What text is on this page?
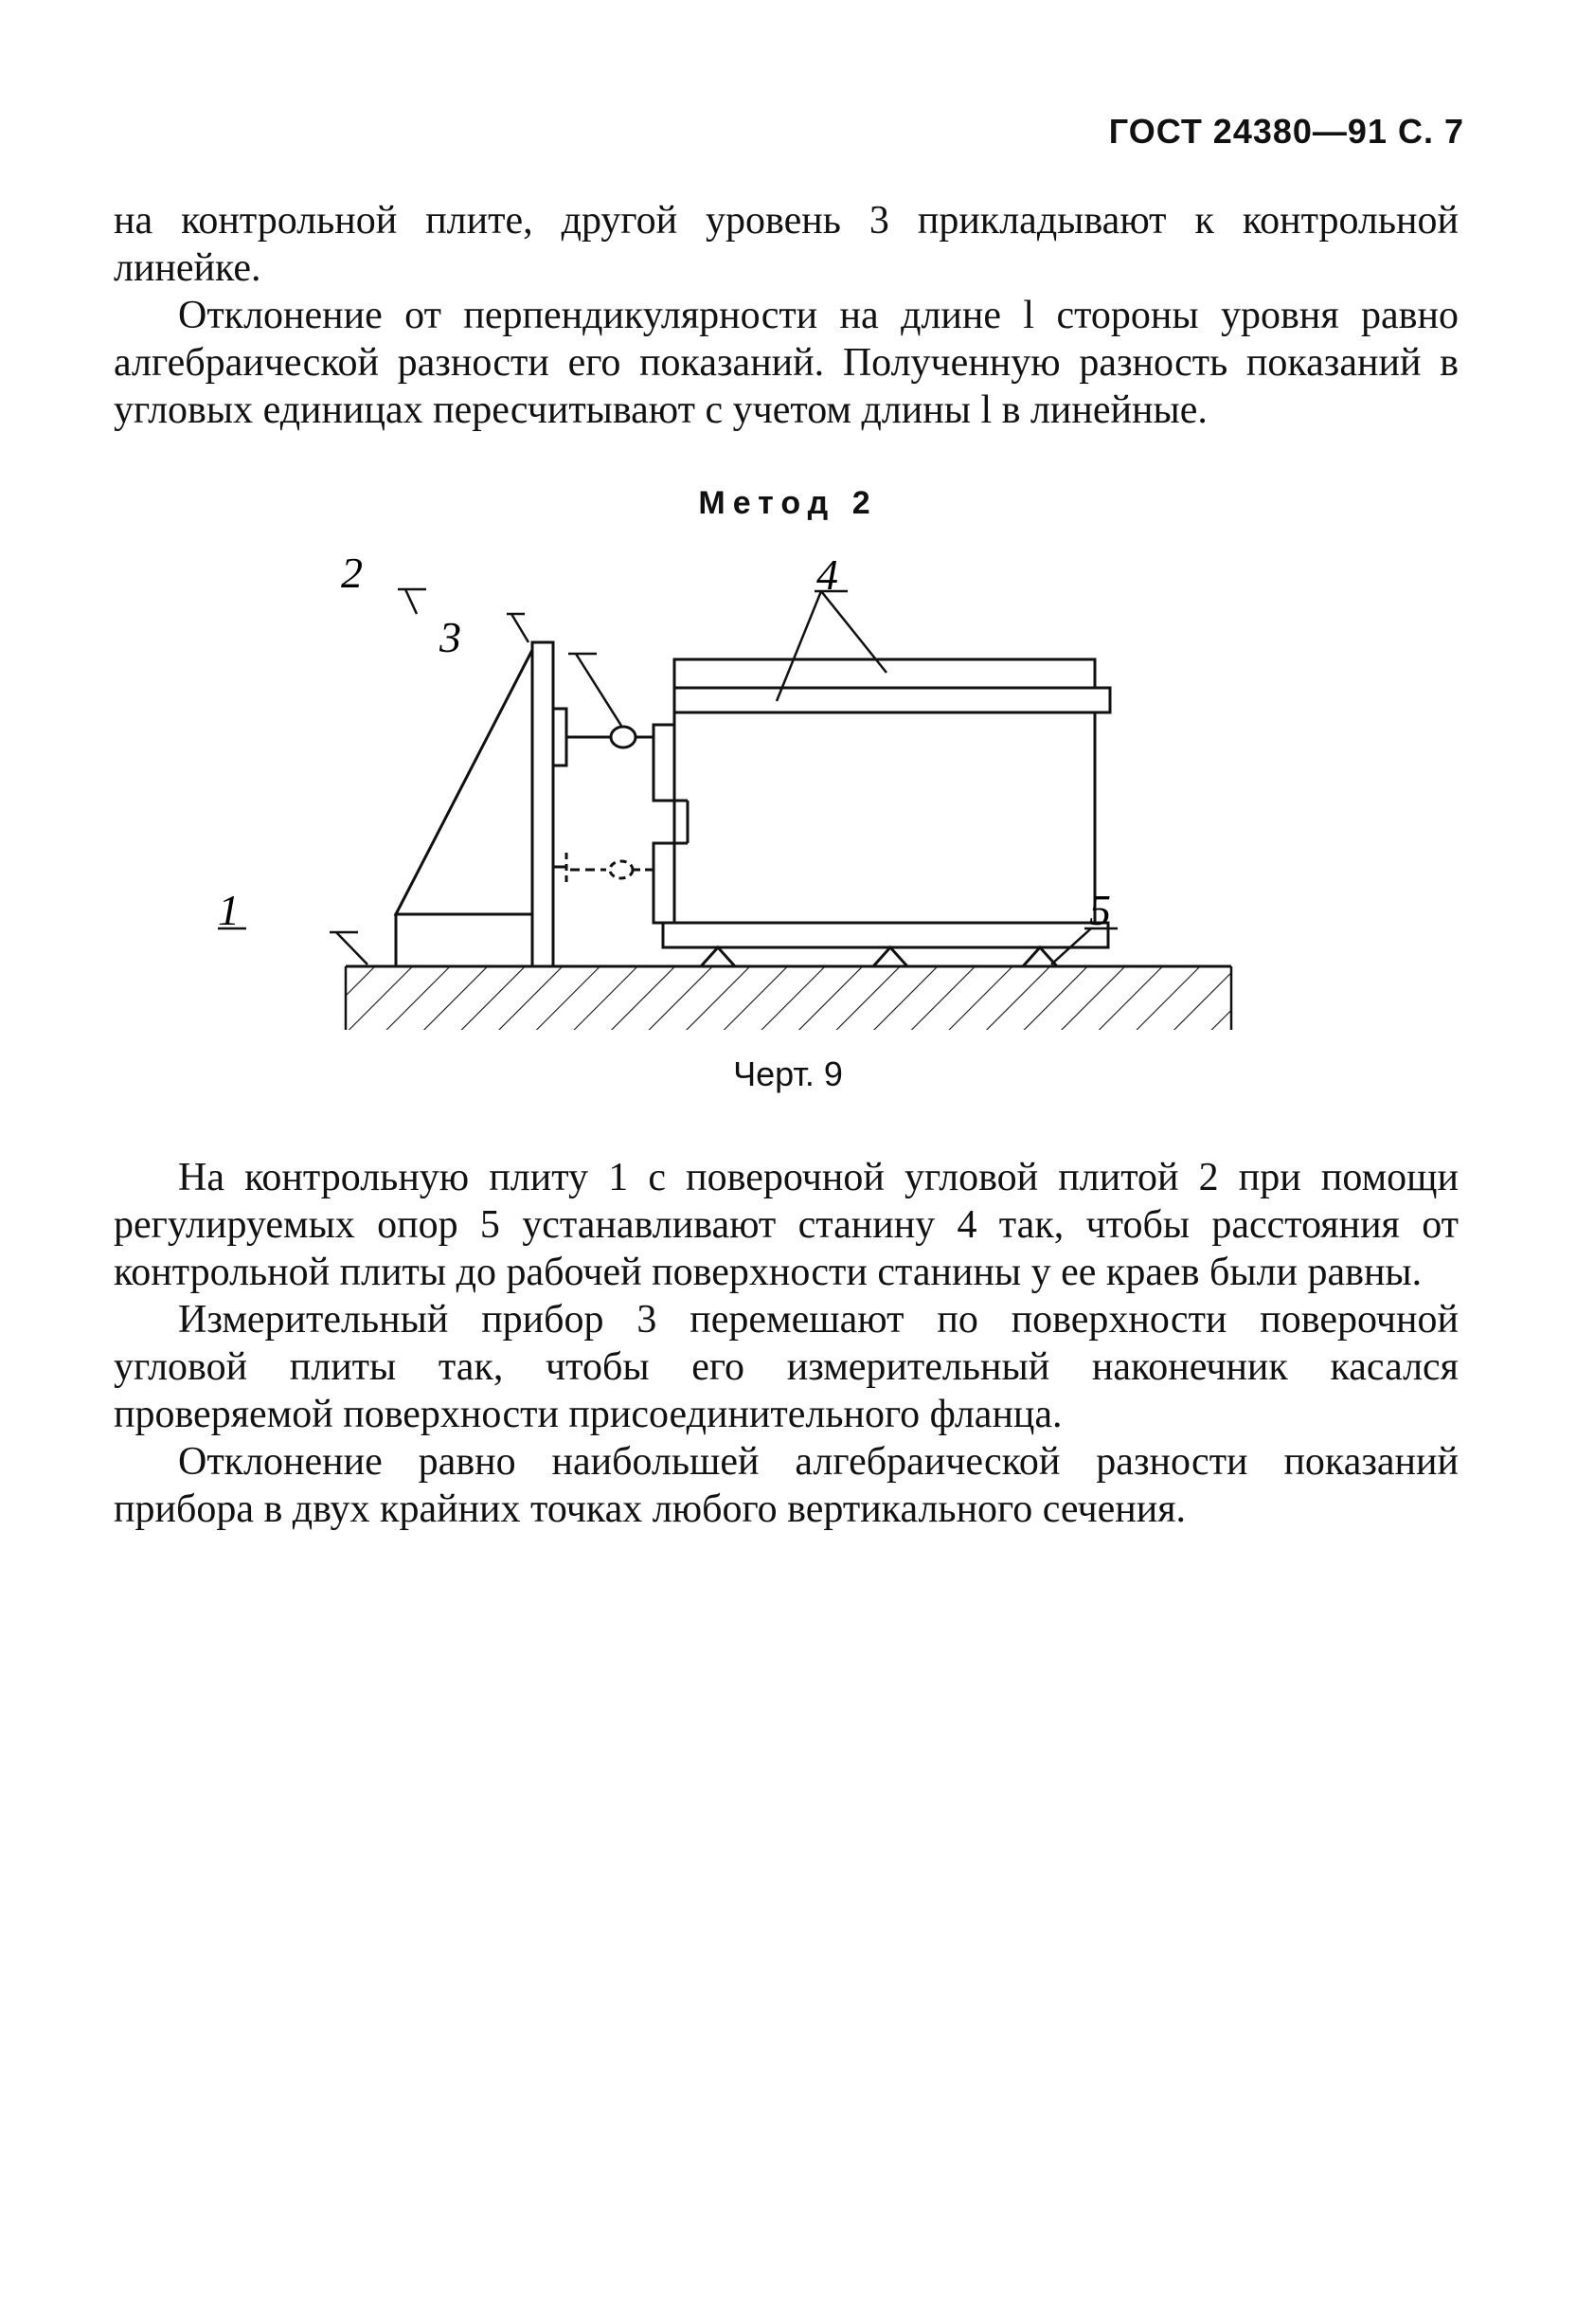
ГОСТ 24380—91 С. 7

на контрольной плите, другой уровень 3 прикладывают к контрольной линейке.

Отклонение от перпендикулярности на длине l стороны уровня равно алгебраической разности его показаний. Полученную разность показаний в угловых единицах пересчитывают с учетом длины l в линейные.

Метод 2
2
3
4
1	5
Черт. 9

На контрольную плиту 1 с поверочной угловой плитой 2 при помощи регулируемых опор 5 устанавливают станину 4 так, чтобы расстояния от контрольной плиты до рабочей поверхности станины у ее краев были равны.

Измерительный прибор 3 перемешают по поверхности поверочной угловой плиты так, чтобы его измерительный наконечник касался проверяемой поверхности присоединительного фланца.

Отклонение равно наибольшей алгебраической разности показаний прибора в двух крайних точках любого вертикального сечения.
